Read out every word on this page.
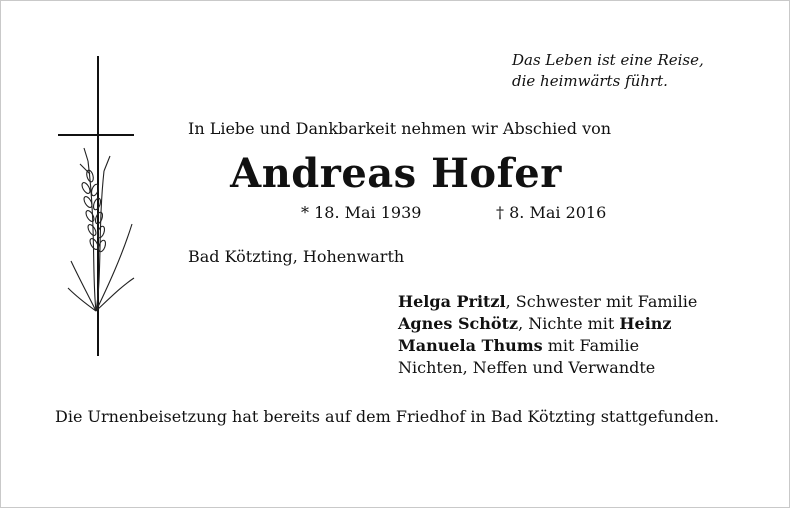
Das Leben ist eine Reise,
die heimwärts führt.
In Liebe und Dankbarkeit nehmen wir Abschied von
Andreas Hofer
* 18. Mai 1939	† 8. Mai 2016
Bad Kötzting, Hohenwarth
Helga Pritzl, Schwester mit Familie
Agnes Schötz, Nichte mit Heinz
Manuela Thums mit Familie
Nichten, Neffen und Verwandte
Die Urnenbeisetzung hat bereits auf dem Friedhof in Bad Kötzting stattgefunden.
